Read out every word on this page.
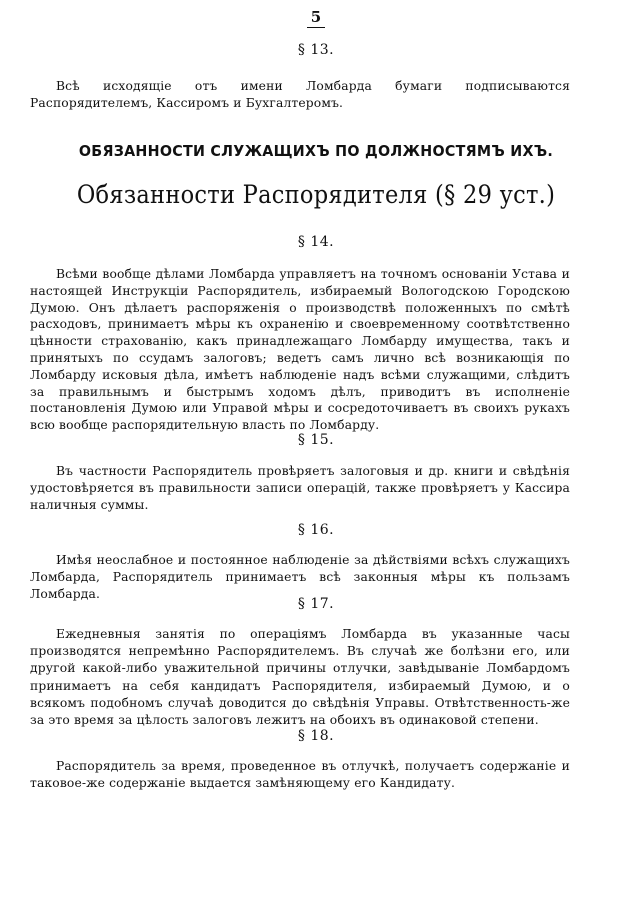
5
§ 13.

Всѣ исходящіе отъ имени Ломбарда бумаги подписываются Распорядителемъ, Кассиромъ и Бухгалтеромъ.

ОБЯЗАННОСТИ СЛУЖАЩИХЪ ПО ДОЛЖНОСТЯМЪ ИХЪ.
Обязанности Распорядителя (§ 29 уст.)
§ 14.

Всѣми вообще дѣлами Ломбарда управляетъ на точномъ основаніи Устава и настоящей Инструкціи Распорядитель, избираемый Вологодскою Городскою Думою. Онъ дѣлаетъ распоряженія о производствѣ положенныхъ по смѣтѣ расходовъ, принимаетъ мѣры къ охраненію и своевременному соотвѣтственно цѣнности страхованію, какъ принадлежащаго Ломбарду имущества, такъ и принятыхъ по ссудамъ залоговъ; ведетъ самъ лично всѣ возникающія по Ломбарду исковыя дѣла, имѣетъ наблюденіе надъ всѣми служащими, слѣдитъ за правильнымъ и быстрымъ ходомъ дѣлъ, приводитъ въ исполненіе постановленія Думою или Управой мѣры и сосредоточиваетъ въ своихъ рукахъ всю вообще распорядительную власть по Ломбарду.

§ 15.

Въ частности Распорядитель провѣряетъ залоговыя и др. книги и свѣдѣнія удостовѣряется въ правильности записи операцій, также провѣряетъ у Кассира наличныя суммы.

§ 16.

Имѣя неослабное и постоянное наблюденіе за дѣйствіями всѣхъ служащихъ Ломбарда, Распорядитель принимаетъ всѣ законныя мѣры къ пользамъ Ломбарда.

§ 17.

Ежедневныя занятія по операціямъ Ломбарда въ указанные часы производятся непремѣнно Распорядителемъ. Въ случаѣ же болѣзни его, или другой какой-либо уважительной причины отлучки, завѣдываніе Ломбардомъ принимаетъ на себя кандидатъ Распорядителя, избираемый Думою, и о всякомъ подобномъ случаѣ доводится до свѣдѣнія Управы. Отвѣтственность-же за это время за цѣлость залоговъ лежитъ на обоихъ въ одинаковой степени.

§ 18.

Распорядитель за время, проведенное въ отлучкѣ, получаетъ содержаніе и таковое-же содержаніе выдается замѣняющему его Кандидату.
